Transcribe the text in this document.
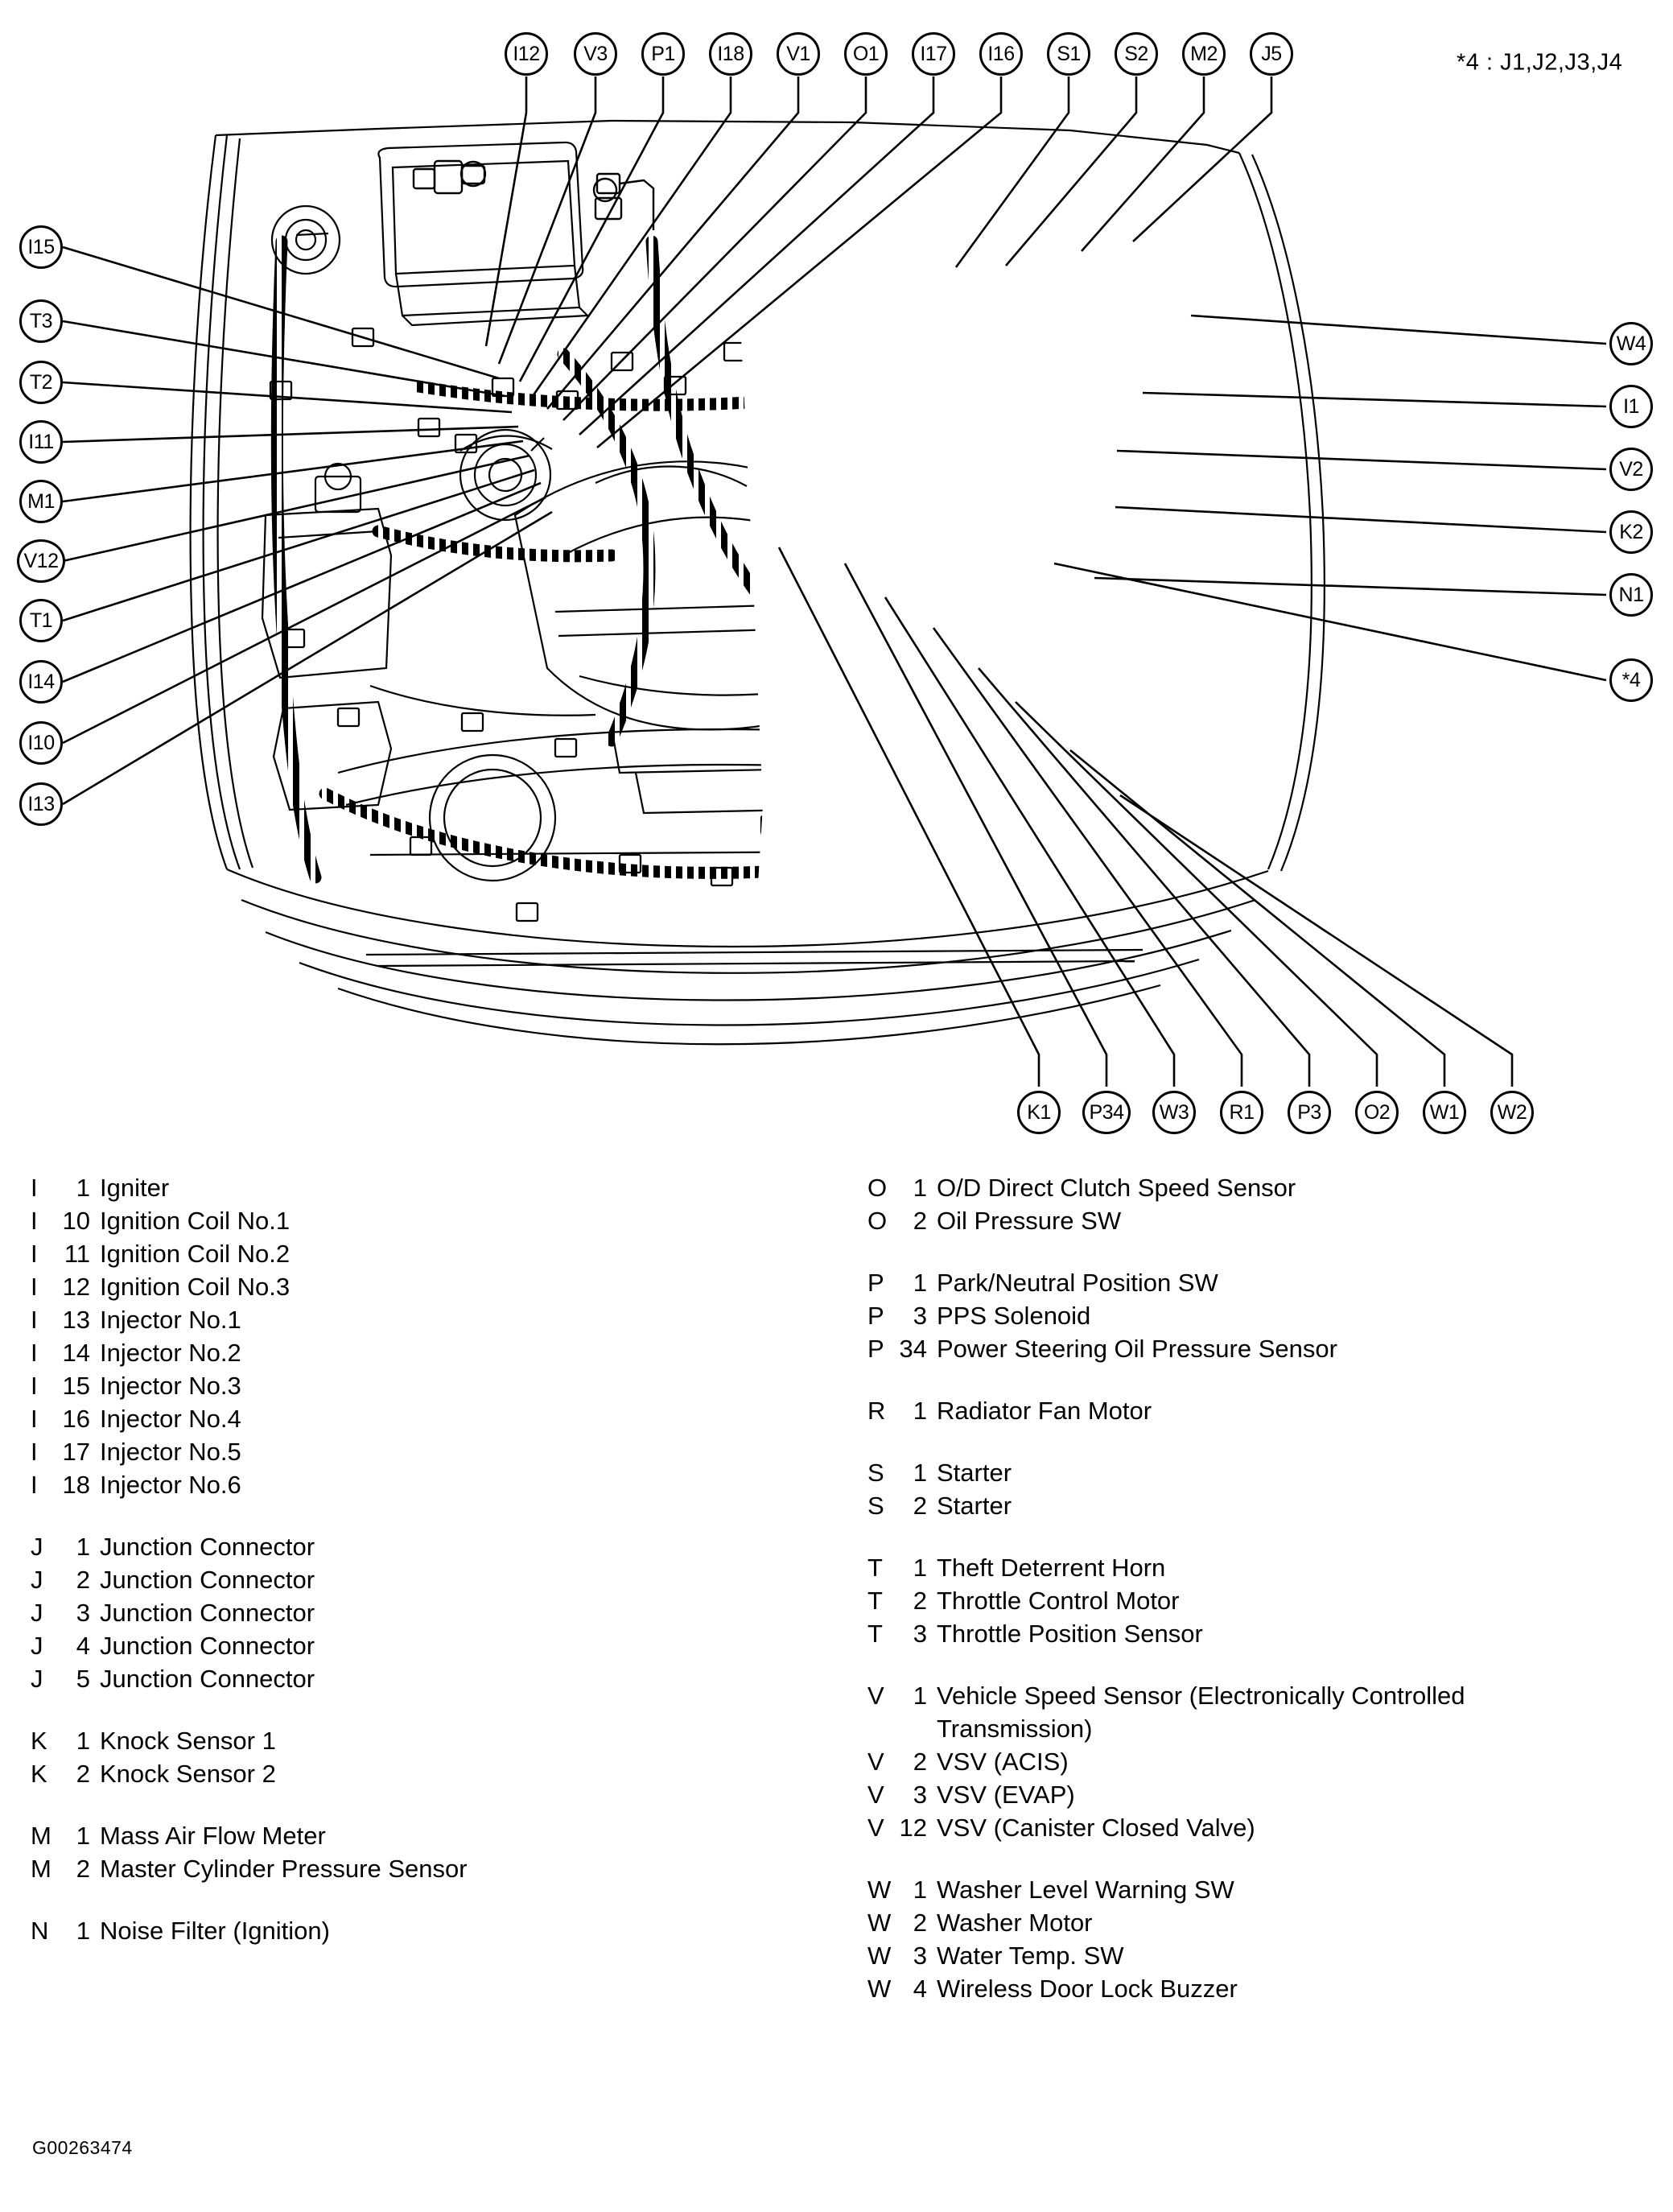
I12 V3 P1 I18 V1 O1 I17 I16 S1 S2 M2 J5
I15
T3
T2
I11
M1
V12
T1
I14
I10
I13
W4
I1
V2
K2
N1
*4
K1 P34 W3 R1 P3 O2 W1 W2
*4 : J1,J2,J3,J4
I 1 Igniter
I 10 Ignition Coil No.1
I 11 Ignition Coil No.2
I 12 Ignition Coil No.3
I 13 Injector No.1
I 14 Injector No.2
I 15 Injector No.3
I 16 Injector No.4
I 17 Injector No.5
I 18 Injector No.6
J 1 Junction Connector
J 2 Junction Connector
J 3 Junction Connector
J 4 Junction Connector
J 5 Junction Connector
K 1 Knock Sensor 1
K 2 Knock Sensor 2
M 1 Mass Air Flow Meter
M 2 Master Cylinder Pressure Sensor
N 1 Noise Filter (Ignition)
O 1 O/D Direct Clutch Speed Sensor
O 2 Oil Pressure SW
P 1 Park/Neutral Position SW
P 3 PPS Solenoid
P 34 Power Steering Oil Pressure Sensor
R 1 Radiator Fan Motor
S 1 Starter
S 2 Starter
T 1 Theft Deterrent Horn
T 2 Throttle Control Motor
T 3 Throttle Position Sensor
V 1 Vehicle Speed Sensor (Electronically Controlled
Transmission)
V 2 VSV (ACIS)
V 3 VSV (EVAP)
V 12 VSV (Canister Closed Valve)
W 1 Washer Level Warning SW
W 2 Washer Motor
W 3 Water Temp. SW
W 4 Wireless Door Lock Buzzer
G00263474
